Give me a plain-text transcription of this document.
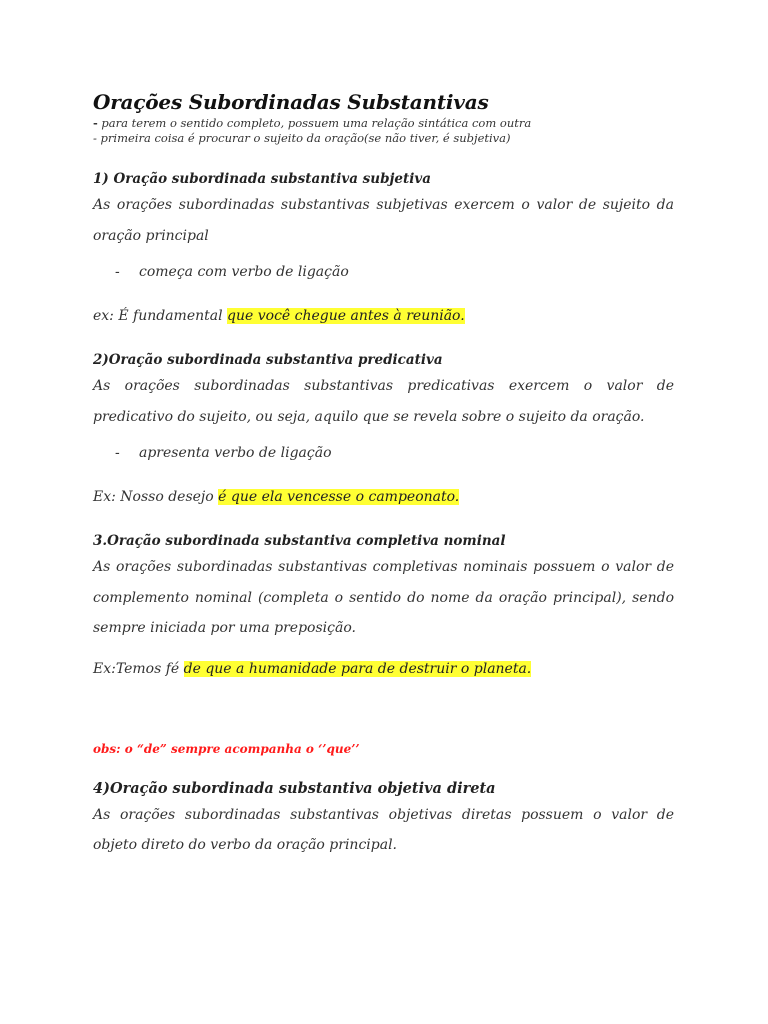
Orações Subordinadas Substantivas

- para terem o sentido completo, possuem uma relação sintática com outra

- primeira coisa é procurar o sujeito da oração(se não tiver, é subjetiva)

1) Oração subordinada substantiva subjetiva

As orações subordinadas substantivas subjetivas exercem o valor de sujeito da oração principal

- começa com verbo de ligação

ex: É fundamental que você chegue antes à reunião.

2)Oração subordinada substantiva predicativa

As orações subordinadas substantivas predicativas exercem o valor de predicativo do sujeito, ou seja, aquilo que se revela sobre o sujeito da oração.

- apresenta verbo de ligação

Ex: Nosso desejo é que ela vencesse o campeonato.

3.Oração subordinada substantiva completiva nominal

As orações subordinadas substantivas completivas nominais possuem o valor de complemento nominal (completa o sentido do nome da oração principal), sendo sempre iniciada por uma preposição.

Ex:Temos fé de que a humanidade para de destruir o planeta.

obs: o “de” sempre acompanha o ‘’que’’

4)Oração subordinada substantiva objetiva direta

As orações subordinadas substantivas objetivas diretas possuem o valor de objeto direto do verbo da oração principal.
